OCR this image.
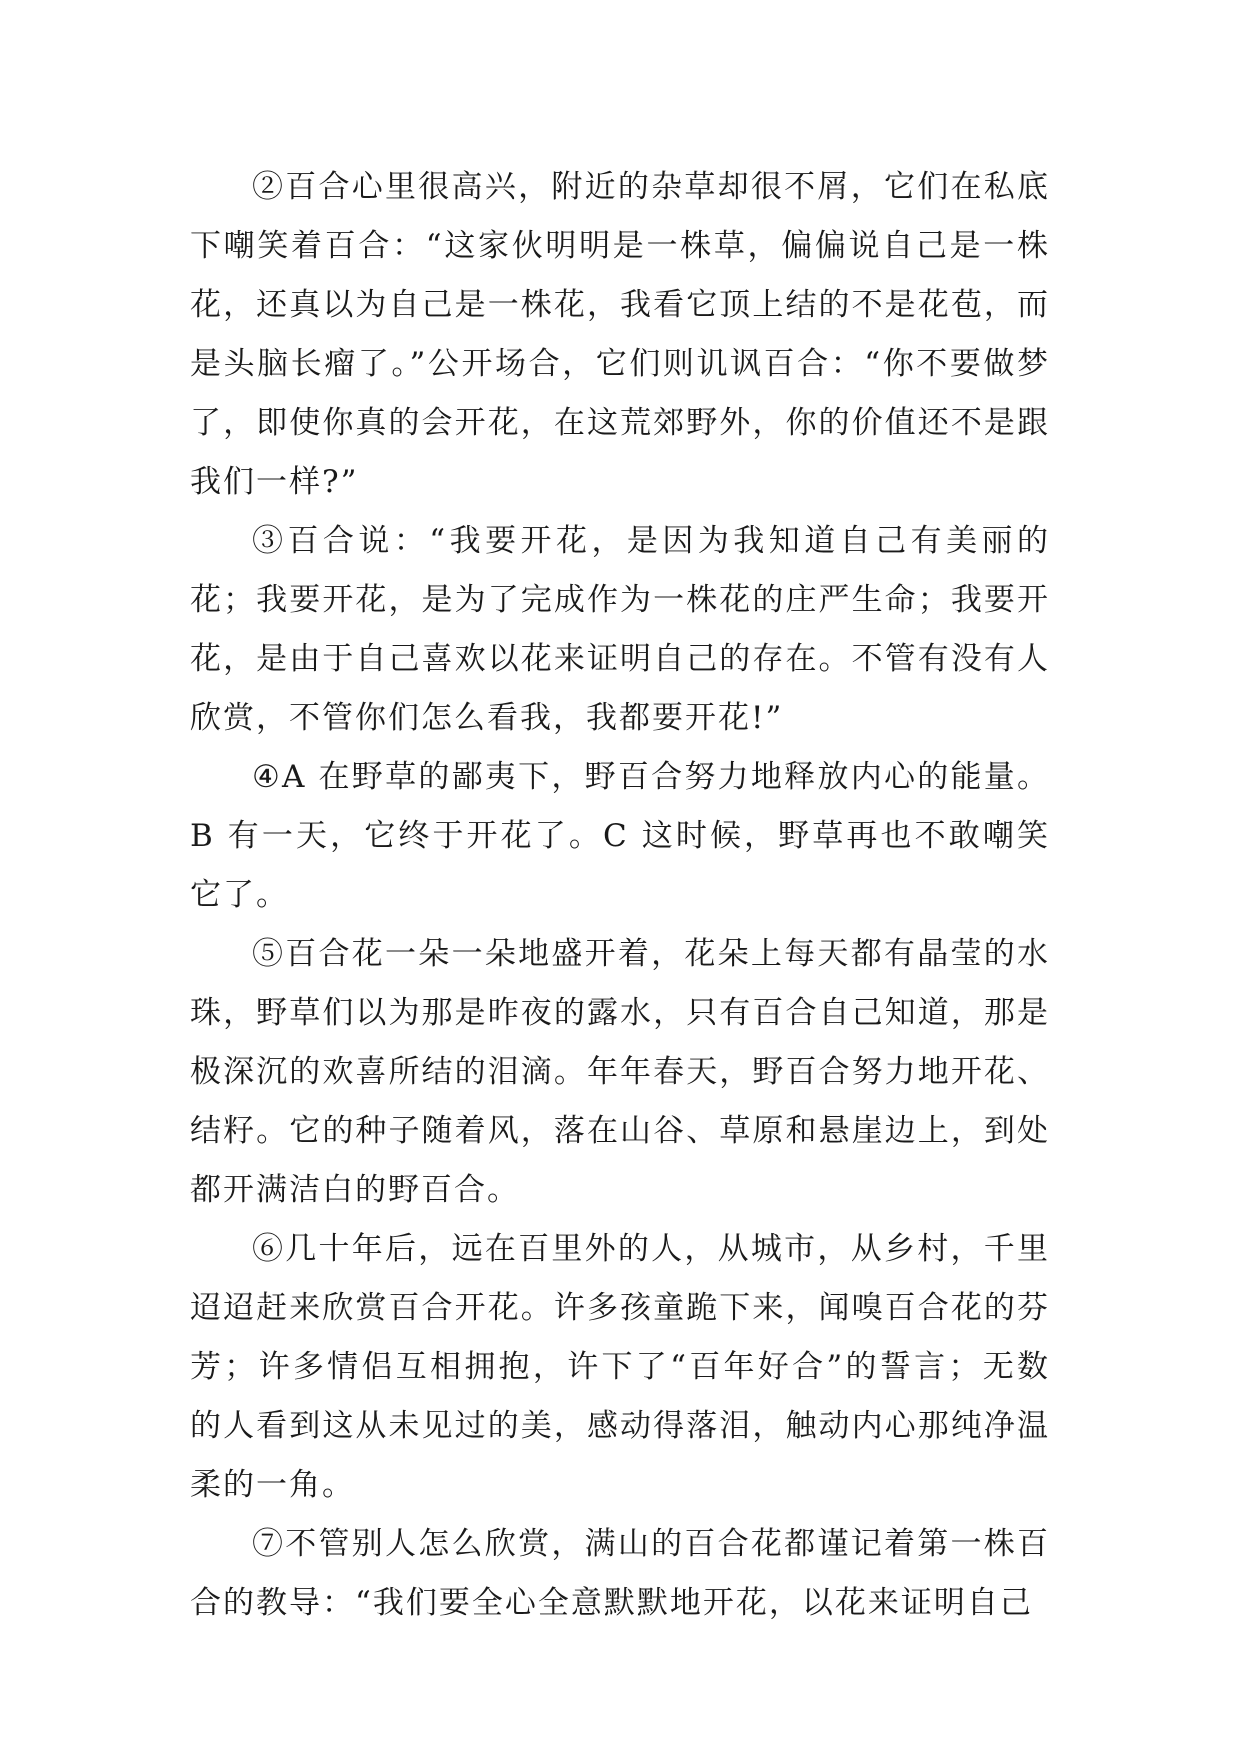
②百合心里很高兴，附近的杂草却很不屑，它们在私底下嘲笑着百合：“这家伙明明是一株草，偏偏说自己是一株花，还真以为自己是一株花，我看它顶上结的不是花苞，而是头脑长瘤了。”公开场合，它们则讥讽百合：“你不要做梦了，即使你真的会开花，在这荒郊野外，你的价值还不是跟我们一样?”

③百合说：“我要开花，是因为我知道自己有美丽的花；我要开花，是为了完成作为一株花的庄严生命；我要开花，是由于自己喜欢以花来证明自己的存在。不管有没有人欣赏，不管你们怎么看我，我都要开花!”

④A 在野草的鄙夷下，野百合努力地释放内心的能量。B 有一天，它终于开花了。C 这时候，野草再也不敢嘲笑它了。

⑤百合花一朵一朵地盛开着，花朵上每天都有晶莹的水珠，野草们以为那是昨夜的露水，只有百合自己知道，那是极深沉的欢喜所结的泪滴。年年春天，野百合努力地开花、结籽。它的种子随着风，落在山谷、草原和悬崖边上，到处都开满洁白的野百合。

⑥几十年后，远在百里外的人，从城市，从乡村，千里迢迢赶来欣赏百合开花。许多孩童跪下来，闻嗅百合花的芬芳；许多情侣互相拥抱，许下了“百年好合”的誓言；无数的人看到这从未见过的美，感动得落泪，触动内心那纯净温柔的一角。

⑦不管别人怎么欣赏，满山的百合花都谨记着第一株百合的教导：“我们要全心全意默默地开花，以花来证明自己
